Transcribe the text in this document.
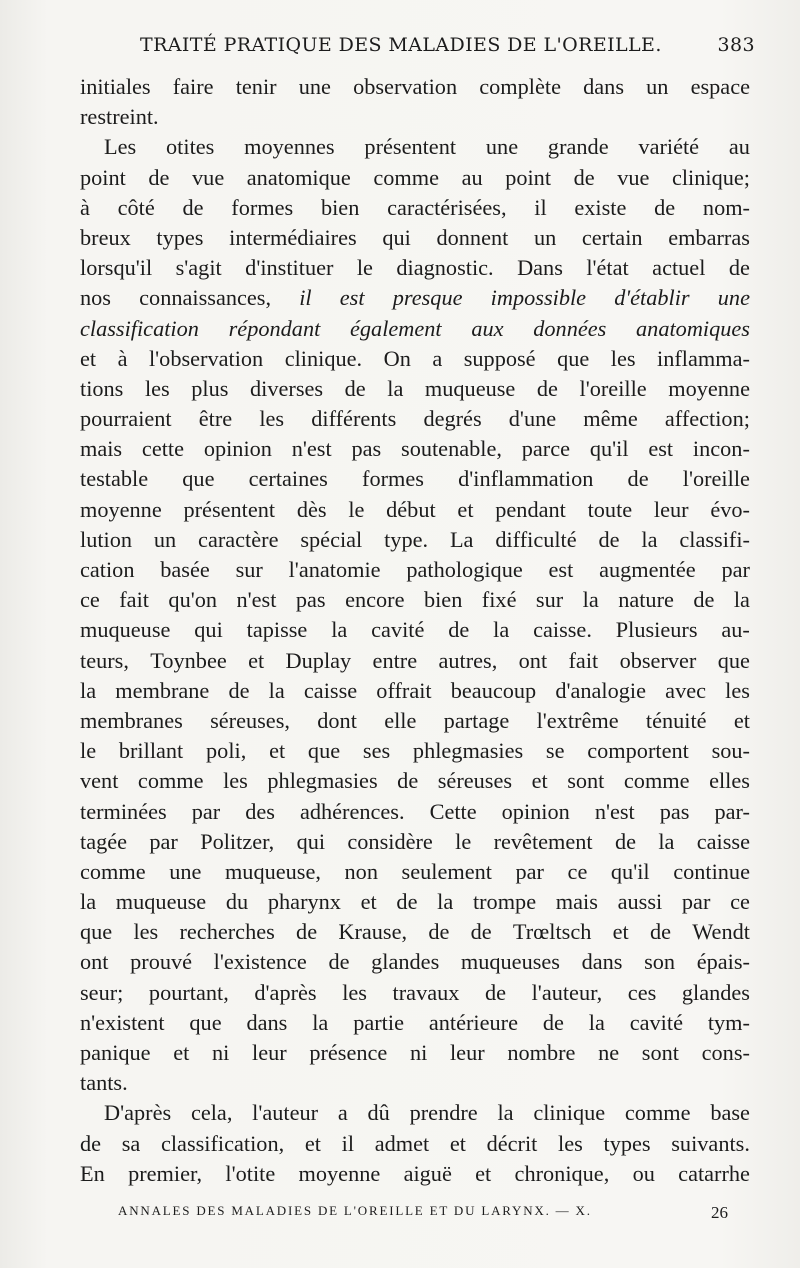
TRAITÉ PRATIQUE DES MALADIES DE L'OREILLE.	383
initiales faire tenir une observation complète dans un espace
restreint.
Les otites moyennes présentent une grande variété au
point de vue anatomique comme au point de vue clinique;
à côté de formes bien caractérisées, il existe de nom-
breux types intermédiaires qui donnent un certain embarras
lorsqu'il s'agit d'instituer le diagnostic. Dans l'état actuel de
nos connaissances, il est presque impossible d'établir une
classification répondant également aux données anatomiques
et à l'observation clinique. On a supposé que les inflamma-
tions les plus diverses de la muqueuse de l'oreille moyenne
pourraient être les différents degrés d'une même affection;
mais cette opinion n'est pas soutenable, parce qu'il est incon-
testable que certaines formes d'inflammation de l'oreille
moyenne présentent dès le début et pendant toute leur évo-
lution un caractère spécial type. La difficulté de la classifi-
cation basée sur l'anatomie pathologique est augmentée par
ce fait qu'on n'est pas encore bien fixé sur la nature de la
muqueuse qui tapisse la cavité de la caisse. Plusieurs au-
teurs, Toynbee et Duplay entre autres, ont fait observer que
la membrane de la caisse offrait beaucoup d'analogie avec les
membranes séreuses, dont elle partage l'extrême ténuité et
le brillant poli, et que ses phlegmasies se comportent sou-
vent comme les phlegmasies de séreuses et sont comme elles
terminées par des adhérences. Cette opinion n'est pas par-
tagée par Politzer, qui considère le revêtement de la caisse
comme une muqueuse, non seulement par ce qu'il continue
la muqueuse du pharynx et de la trompe mais aussi par ce
que les recherches de Krause, de de Trœltsch et de Wendt
ont prouvé l'existence de glandes muqueuses dans son épais-
seur; pourtant, d'après les travaux de l'auteur, ces glandes
n'existent que dans la partie antérieure de la cavité tym-
panique et ni leur présence ni leur nombre ne sont cons-
tants.
D'après cela, l'auteur a dû prendre la clinique comme base
de sa classification, et il admet et décrit les types suivants.
En premier, l'otite moyenne aiguë et chronique, ou catarrhe
ANNALES DES MALADIES DE L'OREILLE ET DU LARYNX. — X.	26
